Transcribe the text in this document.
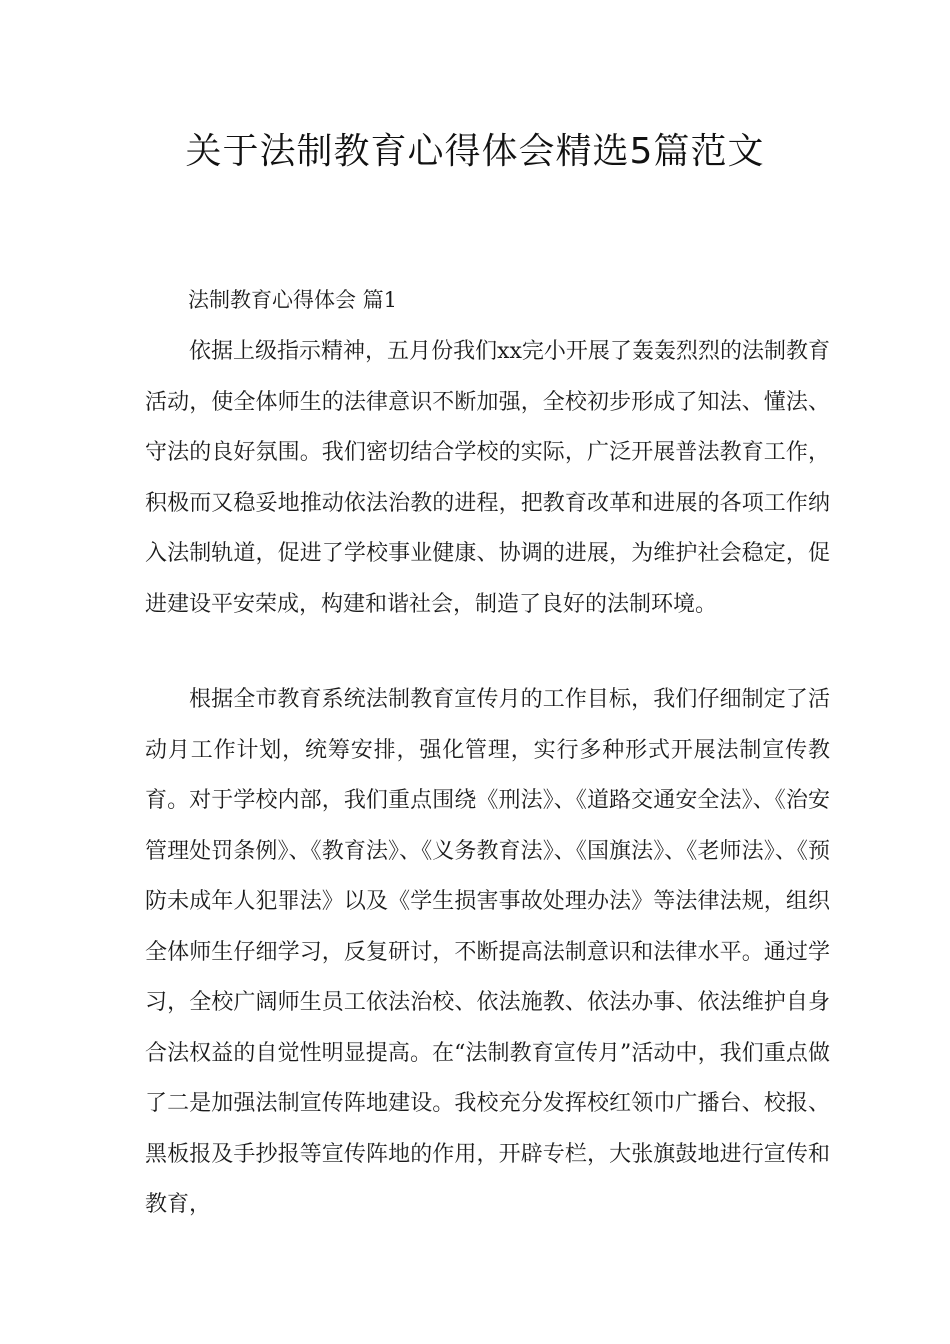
关于法制教育心得体会精选5篇范文
法制教育心得体会 篇1

依据上级指示精神，五月份我们xx完小开展了轰轰烈烈的法制教育活动，使全体师生的法律意识不断加强，全校初步形成了知法、懂法、守法的良好氛围。我们密切结合学校的实际，广泛开展普法教育工作，积极而又稳妥地推动依法治教的进程，把教育改革和进展的各项工作纳入法制轨道，促进了学校事业健康、协调的进展，为维护社会稳定，促进建设平安荣成，构建和谐社会，制造了良好的法制环境。

根据全市教育系统法制教育宣传月的工作目标，我们仔细制定了活动月工作计划，统筹安排，强化管理，实行多种形式开展法制宣传教育。对于学校内部，我们重点围绕《刑法》、《道路交通安全法》、《治安管理处罚条例》、《教育法》、《义务教育法》、《国旗法》、《老师法》、《预防未成年人犯罪法》以及《学生损害事故处理办法》等法律法规，组织全体师生仔细学习，反复研讨，不断提高法制意识和法律水平。通过学习，全校广阔师生员工依法治校、依法施教、依法办事、依法维护自身合法权益的自觉性明显提高。在“法制教育宣传月”活动中，我们重点做了二是加强法制宣传阵地建设。我校充分发挥校红领巾广播台、校报、黑板报及手抄报等宣传阵地的作用，开辟专栏，大张旗鼓地进行宣传和教育，
